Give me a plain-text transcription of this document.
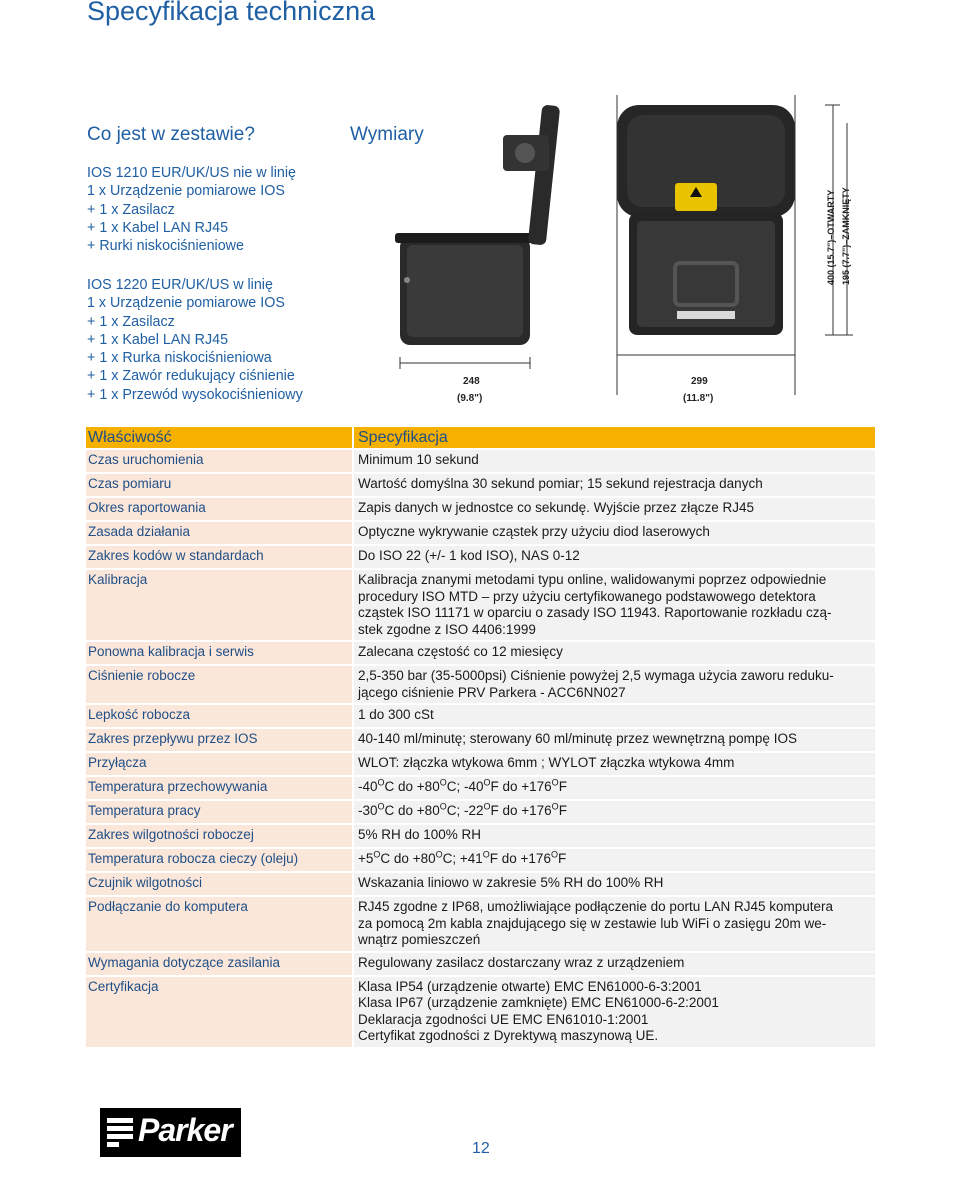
Specyfikacja techniczna
Co jest w zestawie?	Wymiary
IOS 1210 EUR/UK/US nie w linię
1 x Urządzenie pomiarowe IOS
+ 1 x Zasilacz
+ 1 x Kabel LAN RJ45
+ Rurki niskociśnieniowe
IOS 1220 EUR/UK/US w linię
1 x Urządzenie pomiarowe IOS
+ 1 x Zasilacz
+ 1 x Kabel LAN RJ45
+ 1 x Rurka niskociśnieniowa
+ 1 x Zawór redukujący ciśnienie
+ 1 x Przewód wysokociśnieniowy
248
(9.8")
299
(11.8")
400 (15.7")–OTWARTY 195 (7.7")–ZAMKNIĘTY
Właściwość	Specyfikacja
Czas uruchomienia	Minimum 10 sekund

Czas pomiaru	Wartość domyślna 30 sekund pomiar; 15 sekund rejestracja danych

Okres raportowania	Zapis danych w jednostce co sekundę. Wyjście przez złącze RJ45

Zasada działania	Optyczne wykrywanie cząstek przy użyciu diod laserowych

Zakres kodów w standardach	Do ISO 22 (+/- 1 kod ISO), NAS 0-12

Kalibracja	Kalibracja znanymi metodami typu online, walidowanymi poprzez odpowiednie
procedury ISO MTD – przy użyciu certyfikowanego podstawowego detektora
cząstek ISO 11171 w oparciu o zasady ISO 11943. Raportowanie rozkładu czą-
stek zgodne z ISO 4406:1999

Ponowna kalibracja i serwis	Zalecana częstość co 12 miesięcy

Ciśnienie robocze	2,5-350 bar (35-5000psi) Ciśnienie powyżej 2,5 wymaga użycia zaworu reduku-
jącego ciśnienie PRV Parkera - ACC6NN027

Lepkość robocza	1 do 300 cSt

Zakres przepływu przez IOS	40-140 ml/minutę; sterowany 60 ml/minutę przez wewnętrzną pompę IOS

Przyłącza	WLOT: złączka wtykowa 6mm ; WYLOT złączka wtykowa 4mm

Temperatura przechowywania	$-40^OC$ do $+80^OC$; $-40^OF$ do $+176^OF$

Temperatura pracy	$-30^OC$ do $+80^OC$; $-22^OF$ do $+176^OF$

Zakres wilgotności roboczej	5% RH do 100% RH

Temperatura robocza cieczy (oleju)	$+5^OC$ do $+80^OC$; $+41^OF$ do $+176^OF$

Czujnik wilgotności	Wskazania liniowo w zakresie 5% RH do 100% RH

Podłączanie do komputera	RJ45 zgodne z IP68, umożliwiające podłączenie do portu LAN RJ45 komputera
za pomocą 2m kabla znajdującego się w zestawie lub WiFi o zasięgu 20m we-
wnątrz pomieszczeń

Wymagania dotyczące zasilania	Regulowany zasilacz dostarczany wraz z urządzeniem

Certyfikacja	Klasa IP54 (urządzenie otwarte) EMC EN61000-6-3:2001
Klasa IP67 (urządzenie zamknięte) EMC EN61000-6-2:2001
Deklaracja zgodności UE EMC EN61010-1:2001
Certyfikat zgodności z Dyrektywą maszynową UE.
Parker
12
